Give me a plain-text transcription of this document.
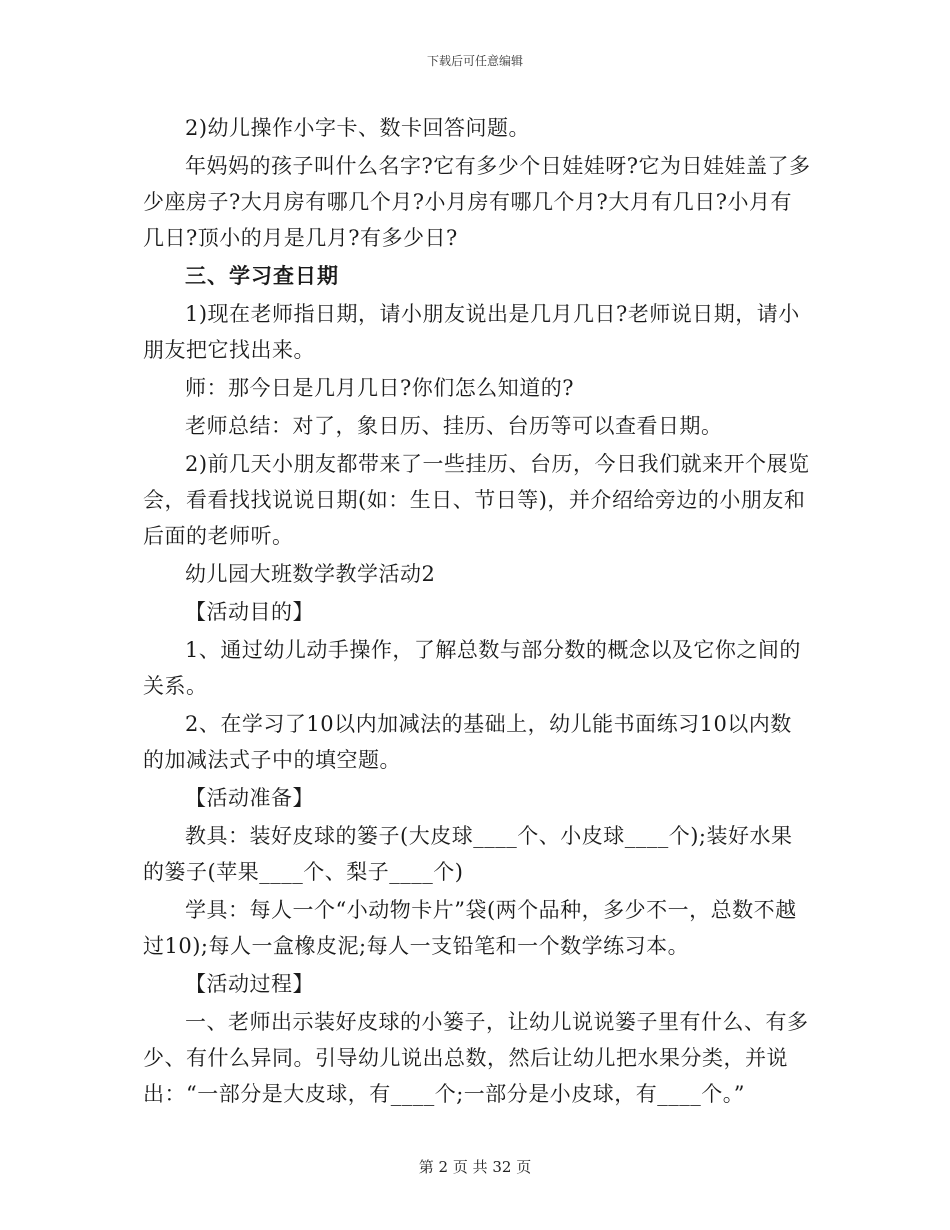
下载后可任意编辑
2)幼儿操作小字卡、数卡回答问题。
年妈妈的孩子叫什么名字?它有多少个日娃娃呀?它为日娃娃盖了多少座房子?大月房有哪几个月?小月房有哪几个月?大月有几日?小月有几日?顶小的月是几月?有多少日?
三、学习查日期
1)现在老师指日期，请小朋友说出是几月几日?老师说日期，请小朋友把它找出来。
师：那今日是几月几日?你们怎么知道的?
老师总结：对了，象日历、挂历、台历等可以查看日期。
2)前几天小朋友都带来了一些挂历、台历，今日我们就来开个展览会，看看找找说说日期(如：生日、节日等)，并介绍给旁边的小朋友和后面的老师听。
幼儿园大班数学教学活动2
【活动目的】
1、通过幼儿动手操作，了解总数与部分数的概念以及它你之间的关系。
2、在学习了10以内加减法的基础上，幼儿能书面练习10以内数的加减法式子中的填空题。
【活动准备】
教具：装好皮球的篓子(大皮球____个、小皮球____个);装好水果的篓子(苹果____个、梨子____个)
学具：每人一个“小动物卡片”袋(两个品种，多少不一，总数不越过10);每人一盒橡皮泥;每人一支铅笔和一个数学练习本。
【活动过程】
一、老师出示装好皮球的小篓子，让幼儿说说篓子里有什么、有多少、有什么异同。引导幼儿说出总数，然后让幼儿把水果分类，并说出：“一部分是大皮球，有____个;一部分是小皮球，有____个。”
第 2 页 共 32 页
